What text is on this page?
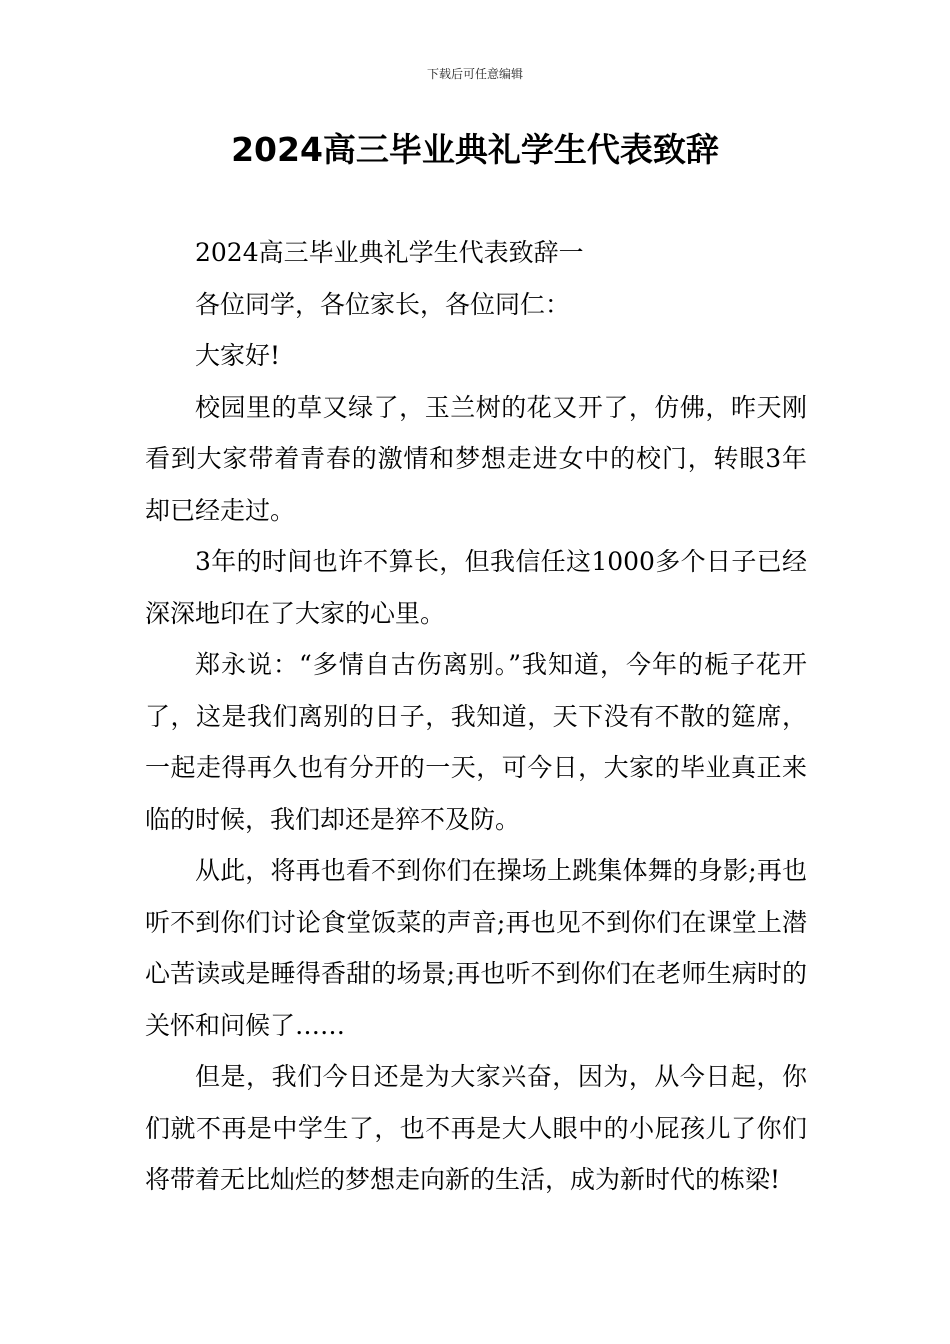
下载后可任意编辑
2024高三毕业典礼学生代表致辞

2024高三毕业典礼学生代表致辞一

各位同学，各位家长，各位同仁：

大家好!

校园里的草又绿了，玉兰树的花又开了，仿佛，昨天刚看到大家带着青春的激情和梦想走进女中的校门，转眼3年却已经走过。

3年的时间也许不算长，但我信任这1000多个日子已经深深地印在了大家的心里。

郑永说：“多情自古伤离别。”我知道，今年的栀子花开了，这是我们离别的日子，我知道，天下没有不散的筵席，一起走得再久也有分开的一天，可今日，大家的毕业真正来临的时候，我们却还是猝不及防。

从此，将再也看不到你们在操场上跳集体舞的身影;再也听不到你们讨论食堂饭菜的声音;再也见不到你们在课堂上潜心苦读或是睡得香甜的场景;再也听不到你们在老师生病时的关怀和问候了……

但是，我们今日还是为大家兴奋，因为，从今日起，你们就不再是中学生了，也不再是大人眼中的小屁孩儿了你们将带着无比灿烂的梦想走向新的生活，成为新时代的栋梁!
